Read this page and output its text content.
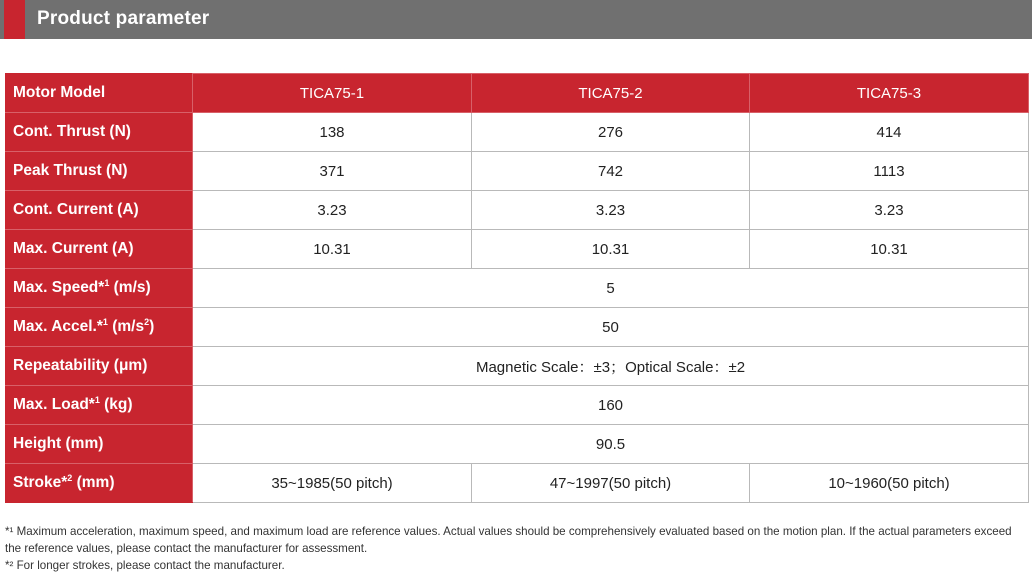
Product parameter
Motor Model	TICA75-1	TICA75-2	TICA75-3
Cont. Thrust (N)	138	276	414
Peak Thrust (N)	371	742	1113
Cont. Current (A)	3.23	3.23	3.23
Max. Current (A)	10.31	10.31	10.31
Max. Speed*$^1$ (m/s)	5		
Max. Accel.*$^1$ $(m/s^2)$	50		
Repeatability (μm)	Magnetic Scale：±3；Optical Scale：±2		
Max. Load*$^1$ (kg)	160		
Height (mm)	90.5		
Stroke*$^2$ (mm)	35~1985(50 pitch)	47~1997(50 pitch)	10~1960(50 pitch)

*¹ Maximum acceleration, maximum speed, and maximum load are reference values. Actual values should be comprehensively evaluated based on the motion plan. If the actual parameters exceed the reference values, please contact the manufacturer for assessment.

*² For longer strokes, please contact the manufacturer.
